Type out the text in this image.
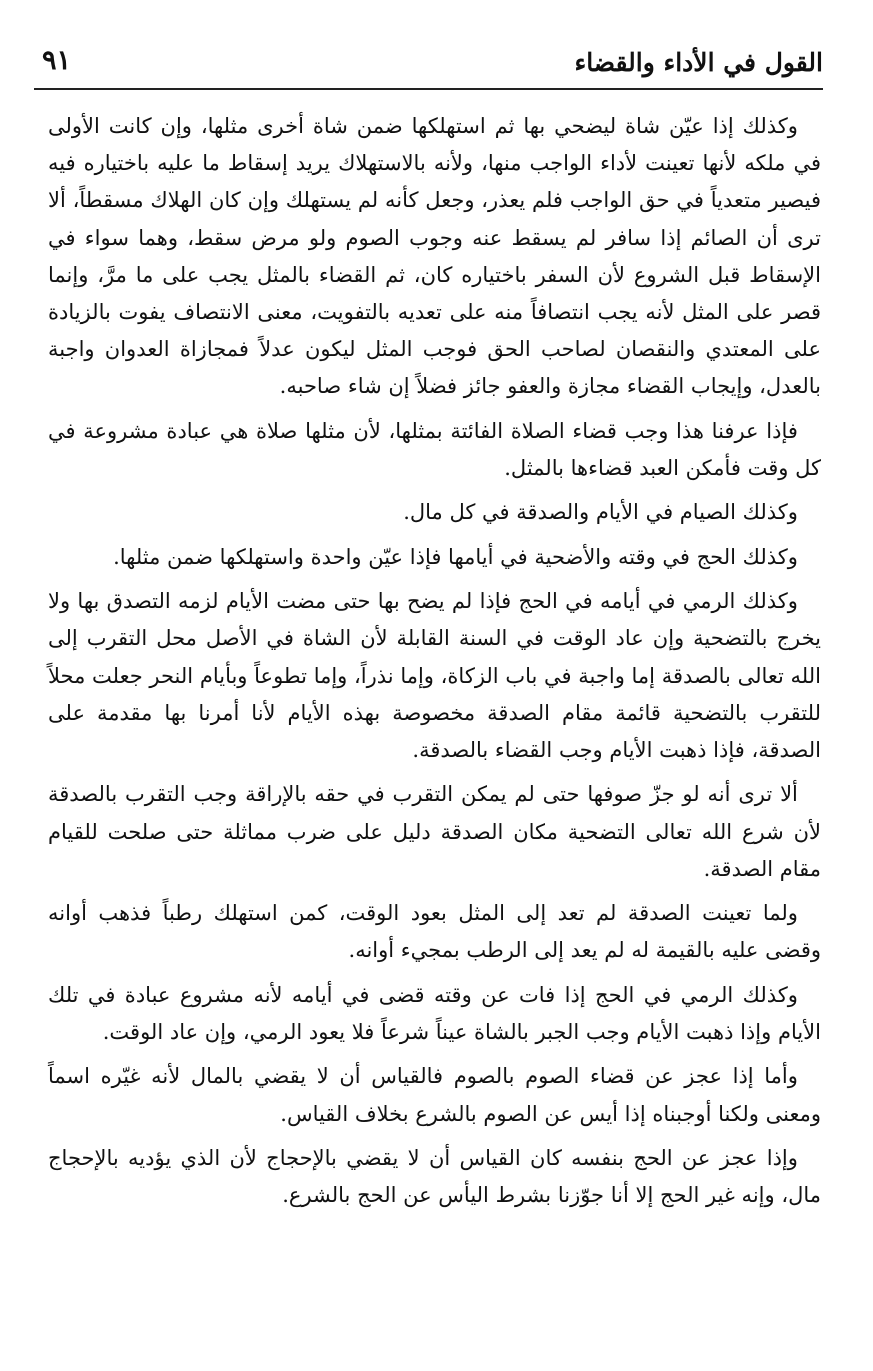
القول في الأداء والقضاء
٩١

وكذلك إذا عيّن شاة ليضحي بها ثم استهلكها ضمن شاة أخرى مثلها، وإن كانت الأولى في ملكه لأنها تعينت لأداء الواجب منها، ولأنه بالاستهلاك يريد إسقاط ما عليه باختياره فيه فيصير متعدياً في حق الواجب فلم يعذر، وجعل كأنه لم يستهلك وإن كان الهلاك مسقطاً، ألا ترى أن الصائم إذا سافر لم يسقط عنه وجوب الصوم ولو مرض سقط، وهما سواء في الإسقاط قبل الشروع لأن السفر باختياره كان، ثم القضاء بالمثل يجب على ما مرَّ، وإنما قصر على المثل لأنه يجب انتصافاً منه على تعديه بالتفويت، معنى الانتصاف يفوت بالزيادة على المعتدي والنقصان لصاحب الحق فوجب المثل ليكون عدلاً فمجازاة العدوان واجبة بالعدل، وإيجاب القضاء مجازة والعفو جائز فضلاً إن شاء صاحبه.

فإذا عرفنا هذا وجب قضاء الصلاة الفائتة بمثلها، لأن مثلها صلاة هي عبادة مشروعة في كل وقت فأمكن العبد قضاءها بالمثل.

وكذلك الصيام في الأيام والصدقة في كل مال.

وكذلك الحج في وقته والأضحية في أيامها فإذا عيّن واحدة واستهلكها ضمن مثلها.

وكذلك الرمي في أيامه في الحج فإذا لم يضح بها حتى مضت الأيام لزمه التصدق بها ولا يخرج بالتضحية وإن عاد الوقت في السنة القابلة لأن الشاة في الأصل محل التقرب إلى الله تعالى بالصدقة إما واجبة في باب الزكاة، وإما نذراً، وإما تطوعاً وبأيام النحر جعلت محلاً للتقرب بالتضحية قائمة مقام الصدقة مخصوصة بهذه الأيام لأنا أمرنا بها مقدمة على الصدقة، فإذا ذهبت الأيام وجب القضاء بالصدقة.

ألا ترى أنه لو جزّ صوفها حتى لم يمكن التقرب في حقه بالإراقة وجب التقرب بالصدقة لأن شرع الله تعالى التضحية مكان الصدقة دليل على ضرب مماثلة حتى صلحت للقيام مقام الصدقة.

ولما تعينت الصدقة لم تعد إلى المثل بعود الوقت، كمن استهلك رطباً فذهب أوانه وقضى عليه بالقيمة له لم يعد إلى الرطب بمجيء أوانه.

وكذلك الرمي في الحج إذا فات عن وقته قضى في أيامه لأنه مشروع عبادة في تلك الأيام وإذا ذهبت الأيام وجب الجبر بالشاة عيناً شرعاً فلا يعود الرمي، وإن عاد الوقت.

وأما إذا عجز عن قضاء الصوم بالصوم فالقياس أن لا يقضي بالمال لأنه غيّره اسماً ومعنى ولكنا أوجبناه إذا أيس عن الصوم بالشرع بخلاف القياس.

وإذا عجز عن الحج بنفسه كان القياس أن لا يقضي بالإحجاج لأن الذي يؤديه بالإحجاج مال، وإنه غير الحج إلا أنا جوّزنا بشرط اليأس عن الحج بالشرع.
